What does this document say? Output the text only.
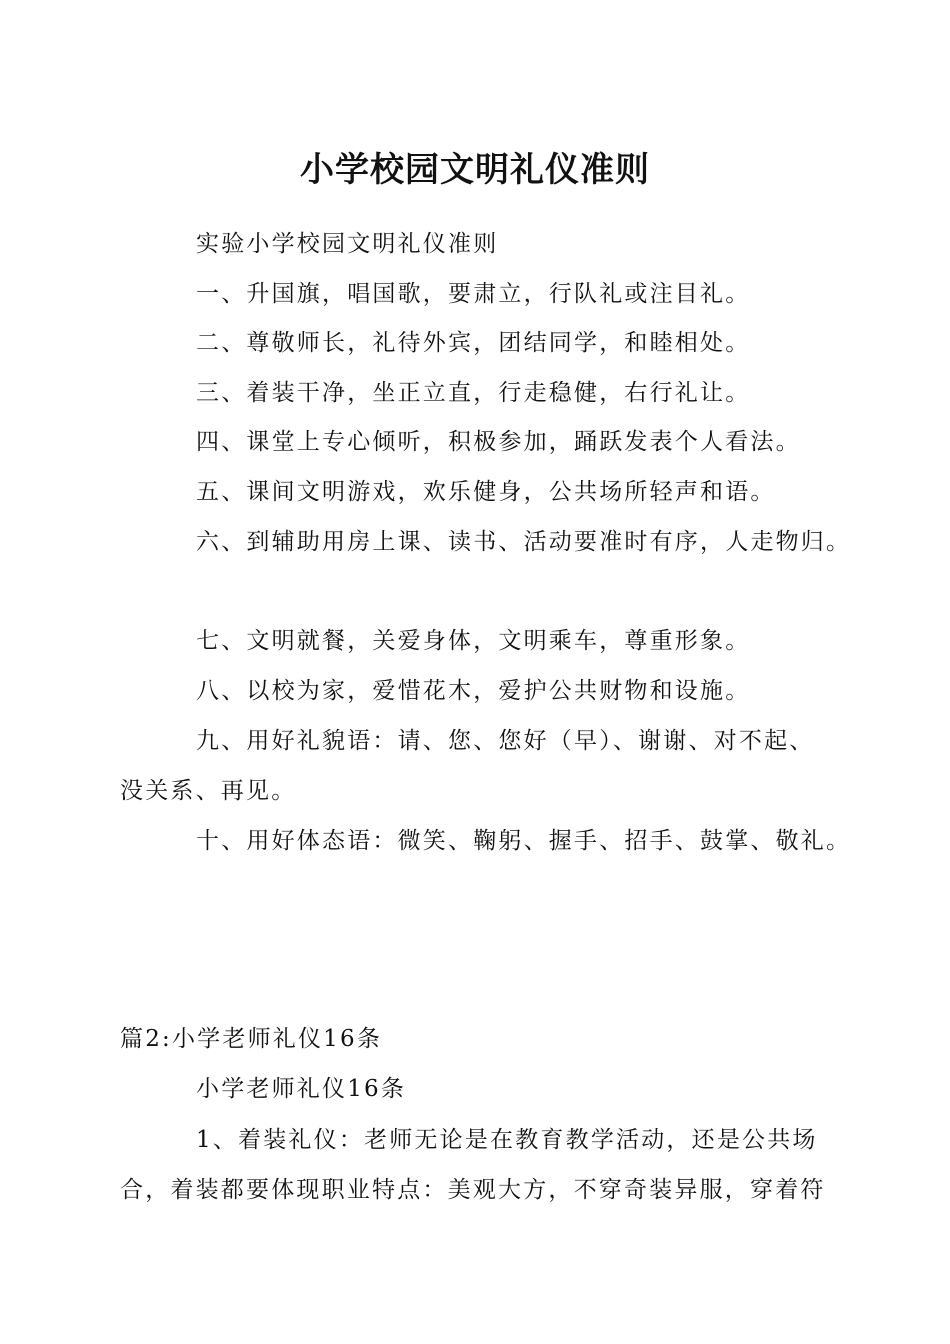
小学校园文明礼仪准则
实验小学校园文明礼仪准则
一、升国旗，唱国歌，要肃立，行队礼或注目礼。
二、尊敬师长，礼待外宾，团结同学，和睦相处。
三、着装干净，坐正立直，行走稳健，右行礼让。
四、课堂上专心倾听，积极参加，踊跃发表个人看法。
五、课间文明游戏，欢乐健身，公共场所轻声和语。
六、到辅助用房上课、读书、活动要准时有序，人走物归。
七、文明就餐，关爱身体，文明乘车，尊重形象。
八、以校为家，爱惜花木，爱护公共财物和设施。
九、用好礼貌语：请、您、您好（早）、谢谢、对不起、
没关系、再见。
十、用好体态语：微笑、鞠躬、握手、招手、鼓掌、敬礼。
篇2:小学老师礼仪16条
小学老师礼仪16条
1、着装礼仪：老师无论是在教育教学活动，还是公共场
合，着装都要体现职业特点：美观大方，不穿奇装异服，穿着符
